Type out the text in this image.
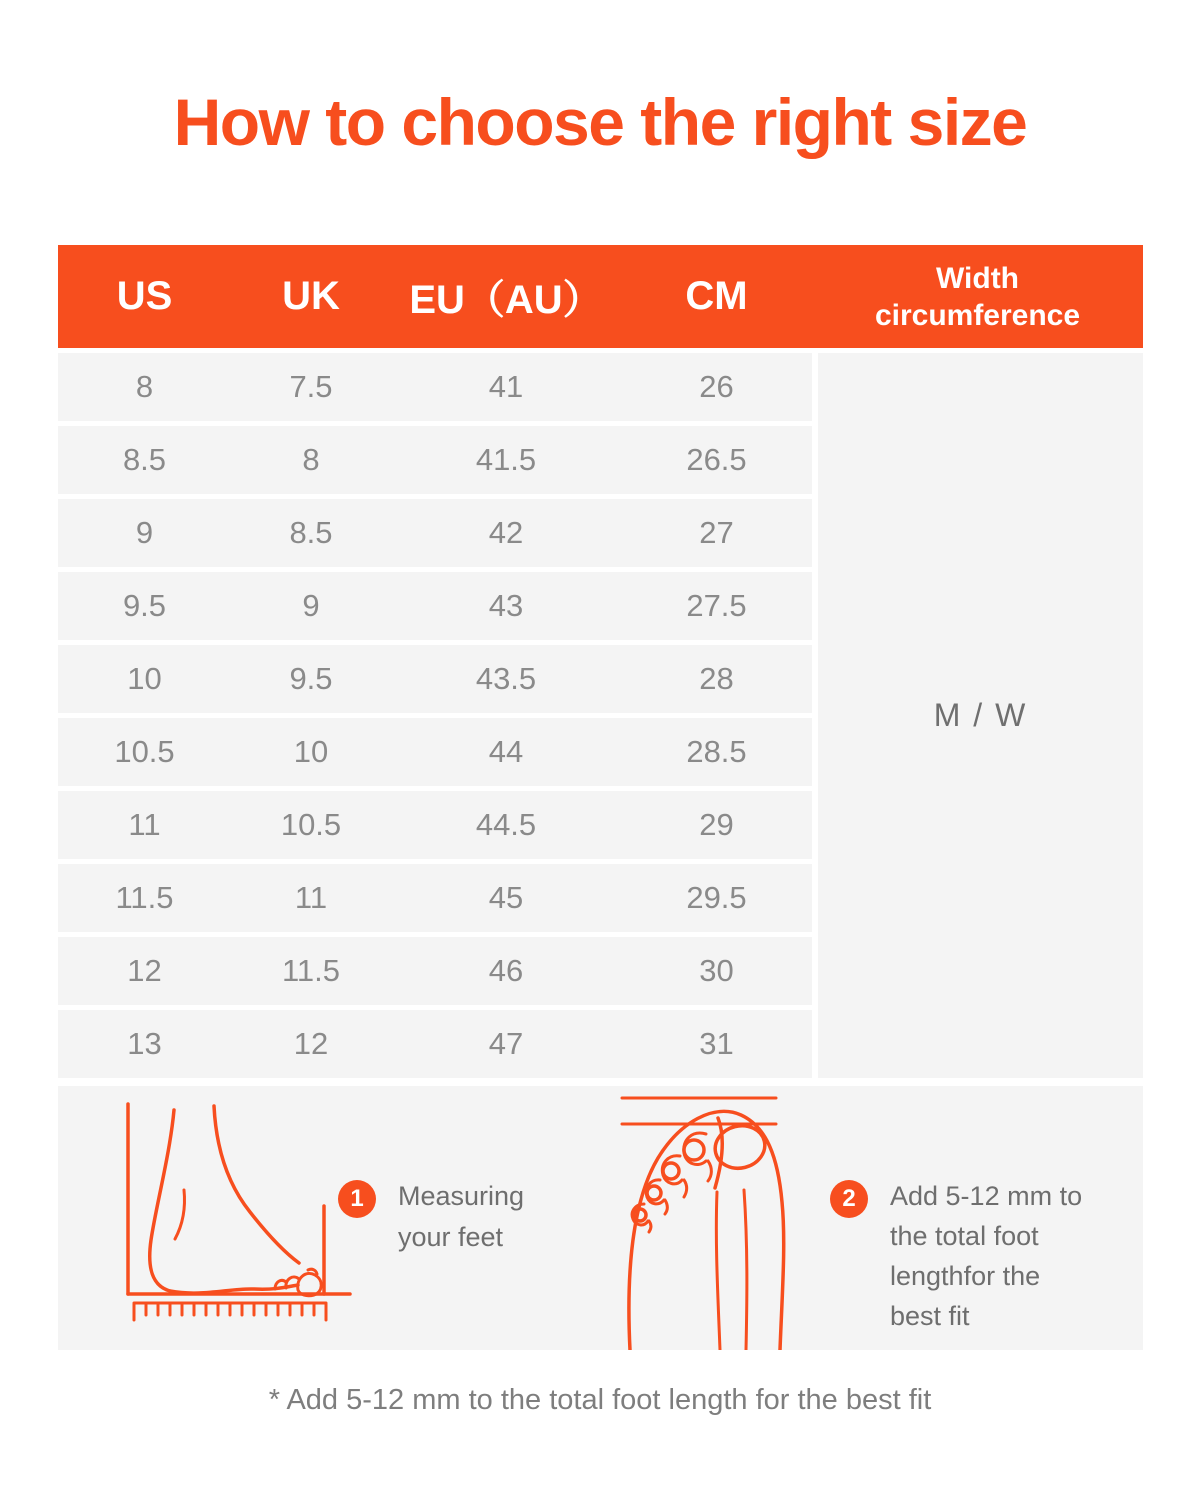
How to choose the right size
US	UK	EU（AU）	CM	Width circumference
8	7.5	41	26
8.5	8	41.5	26.5
9	8.5	42	27
9.5	9	43	27.5
10	9.5	43.5	28
10.5	10	44	28.5
11	10.5	44.5	29
11.5	11	45	29.5
12	11.5	46	30
13	12	47	31
M / W
1	Measuring
your feet
2	Add 5-12 mm to
the total foot
lengthfor the
best fit
* Add 5-12 mm to the total foot length for the best fit
